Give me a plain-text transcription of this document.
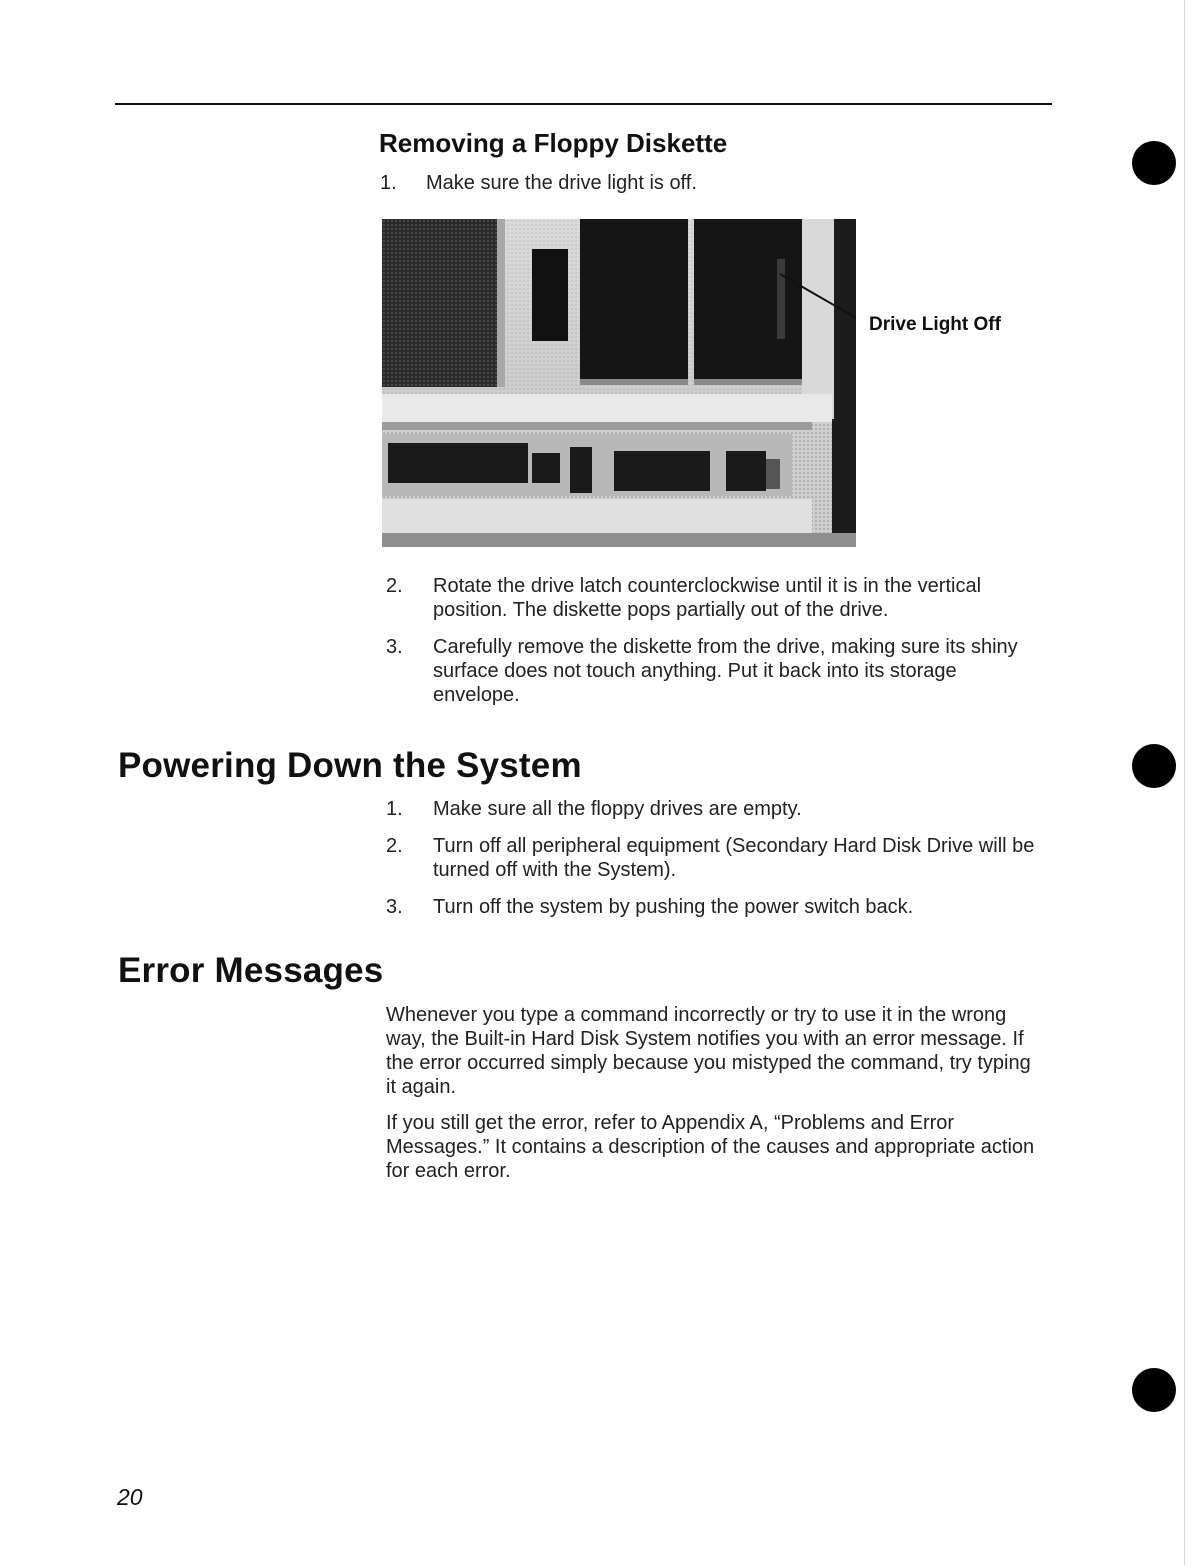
Removing a Floppy Diskette
1. Make sure the drive light is off.
Drive Light Off
2. Rotate the drive latch counterclockwise until it is in the vertical position. The diskette pops partially out of the drive.
3. Carefully remove the diskette from the drive, making sure its shiny surface does not touch anything. Put it back into its storage envelope.
Powering Down the System
1. Make sure all the floppy drives are empty.
2. Turn off all peripheral equipment (Secondary Hard Disk Drive will be turned off with the System).
3. Turn off the system by pushing the power switch back.
Error Messages

Whenever you type a command incorrectly or try to use it in the wrong way, the Built-in Hard Disk System notifies you with an error message. If the error occurred simply because you mistyped the command, try typing it again.

If you still get the error, refer to Appendix A, “Problems and Error Messages.” It contains a description of the causes and appropriate action for each error.

20
